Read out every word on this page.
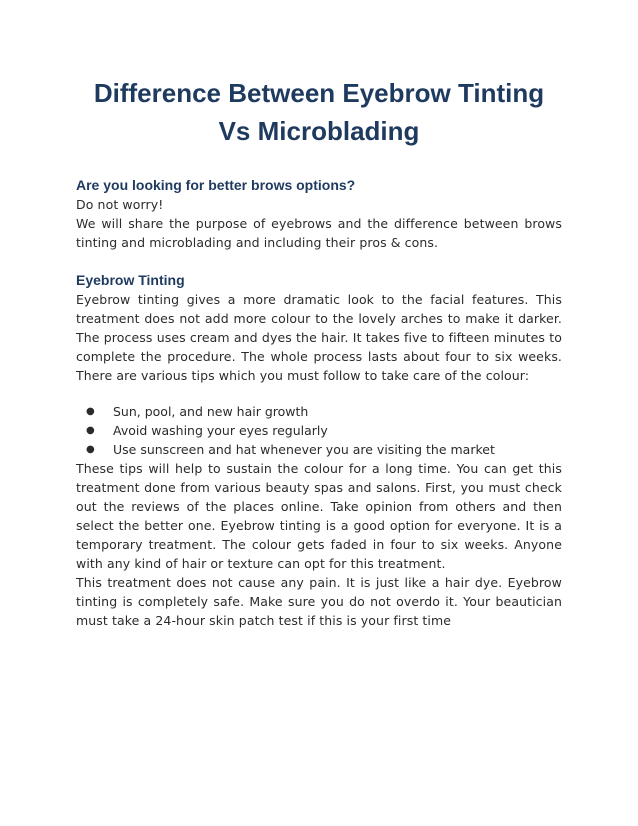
Difference Between Eyebrow Tinting
Vs Microblading

Are you looking for better brows options?

Do not worry!

We will share the purpose of eyebrows and the difference between brows tinting and microblading and including their pros & cons.

Eyebrow Tinting

Eyebrow tinting gives a more dramatic look to the facial features. This treatment does not add more colour to the lovely arches to make it darker. The process uses cream and dyes the hair. It takes five to fifteen minutes to complete the procedure. The whole process lasts about four to six weeks. There are various tips which you must follow to take care of the colour:

●	Sun, pool, and new hair growth
●	Avoid washing your eyes regularly
●	Use sunscreen and hat whenever you are visiting the market

These tips will help to sustain the colour for a long time. You can get this treatment done from various beauty spas and salons. First, you must check out the reviews of the places online. Take opinion from others and then select the better one. Eyebrow tinting is a good option for everyone. It is a temporary treatment. The colour gets faded in four to six weeks. Anyone with any kind of hair or texture can opt for this treatment.

This treatment does not cause any pain. It is just like a hair dye. Eyebrow tinting is completely safe. Make sure you do not overdo it. Your beautician must take a 24-hour skin patch test if this is your first time
